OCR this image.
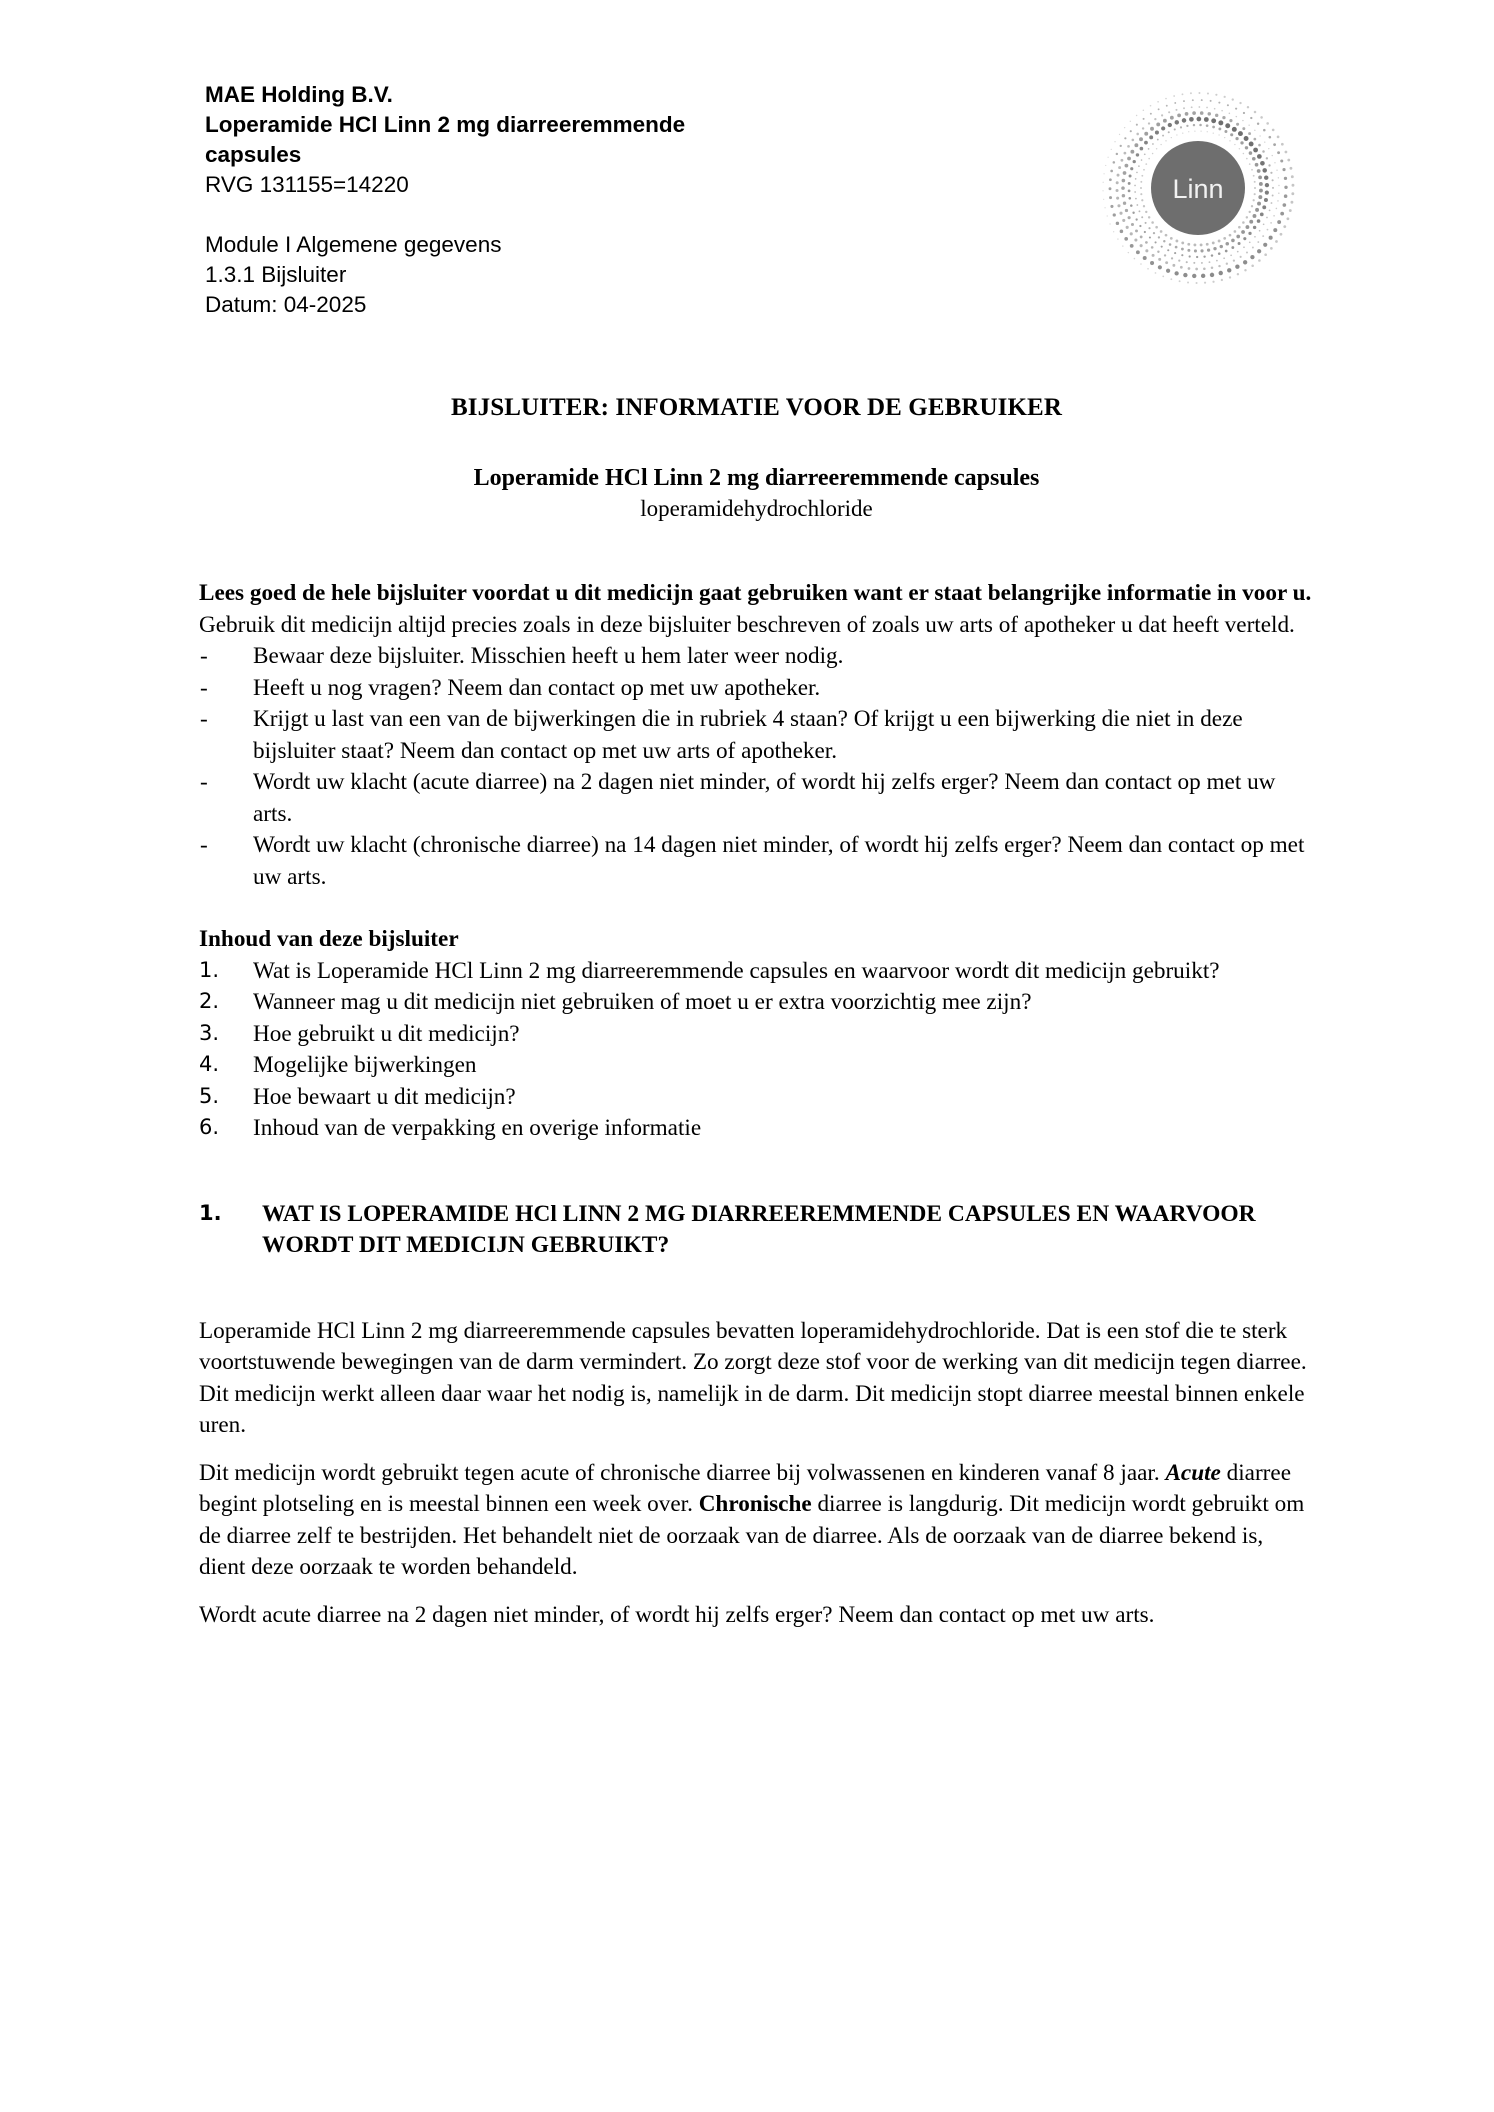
MAE Holding B.V.
Loperamide HCl Linn 2 mg diarreeremmende
capsules
RVG 131155=14220
Module I Algemene gegevens
1.3.1 Bijsluiter
Datum: 04-2025
Linn
BIJSLUITER: INFORMATIE VOOR DE GEBRUIKER
Loperamide HCl Linn 2 mg diarreeremmende capsules
loperamidehydrochloride
Lees goed de hele bijsluiter voordat u dit medicijn gaat gebruiken want er staat belangrijke informatie in voor u.
Gebruik dit medicijn altijd precies zoals in deze bijsluiter beschreven of zoals uw arts of apotheker u dat heeft verteld.
- Bewaar deze bijsluiter. Misschien heeft u hem later weer nodig.
- Heeft u nog vragen? Neem dan contact op met uw apotheker.
- Krijgt u last van een van de bijwerkingen die in rubriek 4 staan? Of krijgt u een bijwerking die niet in deze bijsluiter staat? Neem dan contact op met uw arts of apotheker.
- Wordt uw klacht (acute diarree) na 2 dagen niet minder, of wordt hij zelfs erger? Neem dan contact op met uw arts.
- Wordt uw klacht (chronische diarree) na 14 dagen niet minder, of wordt hij zelfs erger? Neem dan contact op met uw arts.
Inhoud van deze bijsluiter
1. Wat is Loperamide HCl Linn 2 mg diarreeremmende capsules en waarvoor wordt dit medicijn gebruikt?
2. Wanneer mag u dit medicijn niet gebruiken of moet u er extra voorzichtig mee zijn?
3. Hoe gebruikt u dit medicijn?
4. Mogelijke bijwerkingen
5. Hoe bewaart u dit medicijn?
6. Inhoud van de verpakking en overige informatie
1. WAT IS LOPERAMIDE HCl LINN 2 MG DIARREEREMMENDE CAPSULES EN WAARVOOR WORDT DIT MEDICIJN GEBRUIKT?
Loperamide HCl Linn 2 mg diarreeremmende capsules bevatten loperamidehydrochloride. Dat is een stof die te sterk voortstuwende bewegingen van de darm vermindert. Zo zorgt deze stof voor de werking van dit medicijn tegen diarree. Dit medicijn werkt alleen daar waar het nodig is, namelijk in de darm. Dit medicijn stopt diarree meestal binnen enkele uren.
Dit medicijn wordt gebruikt tegen acute of chronische diarree bij volwassenen en kinderen vanaf 8 jaar. Acute diarree begint plotseling en is meestal binnen een week over. Chronische diarree is langdurig. Dit medicijn wordt gebruikt om de diarree zelf te bestrijden. Het behandelt niet de oorzaak van de diarree. Als de oorzaak van de diarree bekend is, dient deze oorzaak te worden behandeld.
Wordt acute diarree na 2 dagen niet minder, of wordt hij zelfs erger? Neem dan contact op met uw arts.
